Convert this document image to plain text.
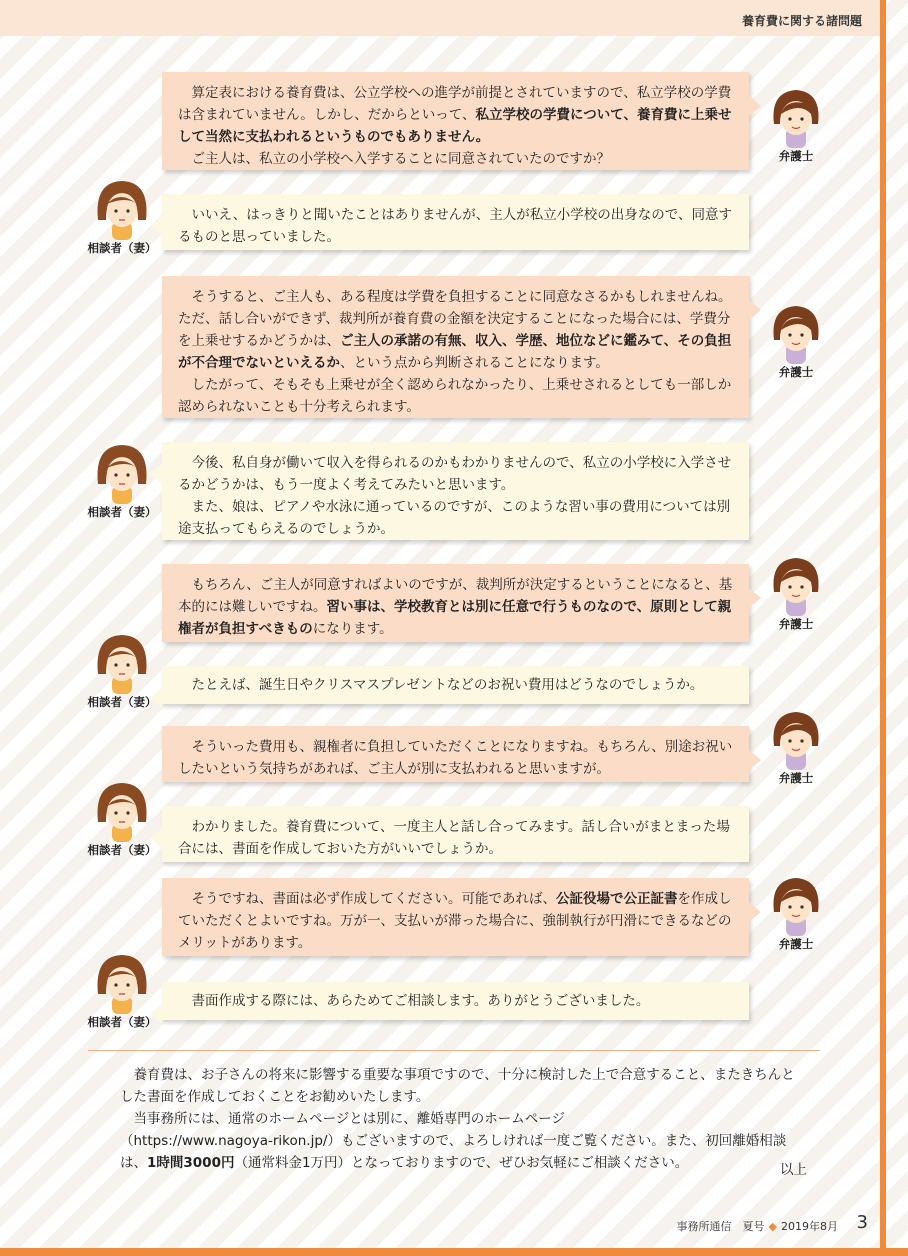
養育費に関する諸問題

算定表における養育費は、公立学校への進学が前提とされていますので、私立学校の学費は含まれていません。しかし、だからといって、私立学校の学費について、養育費に上乗せして当然に支払われるというものでもありません。

ご主人は、私立の小学校へ入学することに同意されていたのですか？	弁護士

いいえ、はっきりと聞いたことはありませんが、主人が私立小学校の出身なので、同意するものと思っていました。

相談者（妻）

そうすると、ご主人も、ある程度は学費を負担することに同意なさるかもしれませんね。ただ、話し合いができず、裁判所が養育費の金額を決定することになった場合には、学費分を上乗せするかどうかは、ご主人の承諾の有無、収入、学歴、地位などに鑑みて、その負担が不合理でないといえるか、という点から判断されることになります。

したがって、そもそも上乗せが全く認められなかったり、上乗せされるとしても一部しか認められないことも十分考えられます。

弁護士

今後、私自身が働いて収入を得られるのかもわかりませんので、私立の小学校に入学させるかどうかは、もう一度よく考えてみたいと思います。

また、娘は、ピアノや水泳に通っているのですが、このような習い事の費用については別途支払ってもらえるのでしょうか。

相談者（妻）

もちろん、ご主人が同意すればよいのですが、裁判所が決定するということになると、基本的には難しいですね。習い事は、学校教育とは別に任意で行うものなので、原則として親権者が負担すべきものになります。	弁護士

たとえば、誕生日やクリスマスプレゼントなどのお祝い費用はどうなのでしょうか。

相談者（妻）

そういった費用も、親権者に負担していただくことになりますね。もちろん、別途お祝いしたいという気持ちがあれば、ご主人が別に支払われると思いますが。

弁護士

わかりました。養育費について、一度主人と話し合ってみます。話し合いがまとまった場合には、書面を作成しておいた方がいいでしょうか。

相談者（妻）

そうですね、書面は必ず作成してください。可能であれば、公証役場で公正証書を作成していただくとよいですね。万が一、支払いが滞った場合に、強制執行が円滑にできるなどのメリットがあります。	弁護士

書面作成する際には、あらためてご相談します。ありがとうございました。

相談者（妻）

養育費は、お子さんの将来に影響する重要な事項ですので、十分に検討した上で合意すること、またきちんとした書面を作成しておくことをお勧めいたします。

当事務所には、通常のホームページとは別に、離婚専門のホームページ

（https://www.nagoya-rikon.jp/）もございますので、よろしければ一度ご覧ください。また、初回離婚相談は、1時間3000円（通常料金1万円）となっておりますので、ぜひお気軽にご相談ください。	以上
事務所通信　夏号 ◆ 2019年8月 3
